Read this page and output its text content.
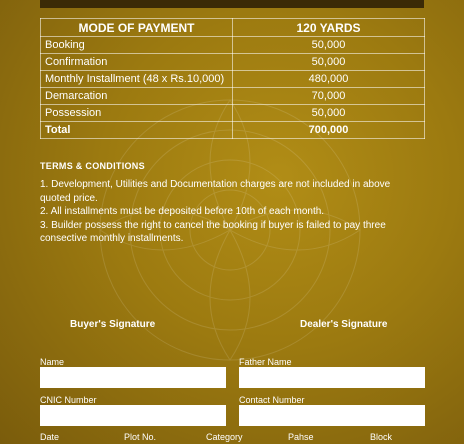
MODE OF PAYMENT	120 YARDS
Booking	50,000
Confirmation	50,000
Monthly Installment (48 x Rs.10,000)	480,000
Demarcation	70,000
Possession	50,000
Total	700,000
TERMS & CONDITIONS
1. Development, Utilities and Documentation charges are not included in above quoted price.
2. All installments must be deposited before 10th of each month.
3. Builder possess the right to cancel the booking if buyer is failed to pay three consective monthly installments.
Buyer's Signature	Dealer's Signature
Name	Father Name
CNIC Number	Contact Number
Date	Plot No.	Category	Pahse	Block
